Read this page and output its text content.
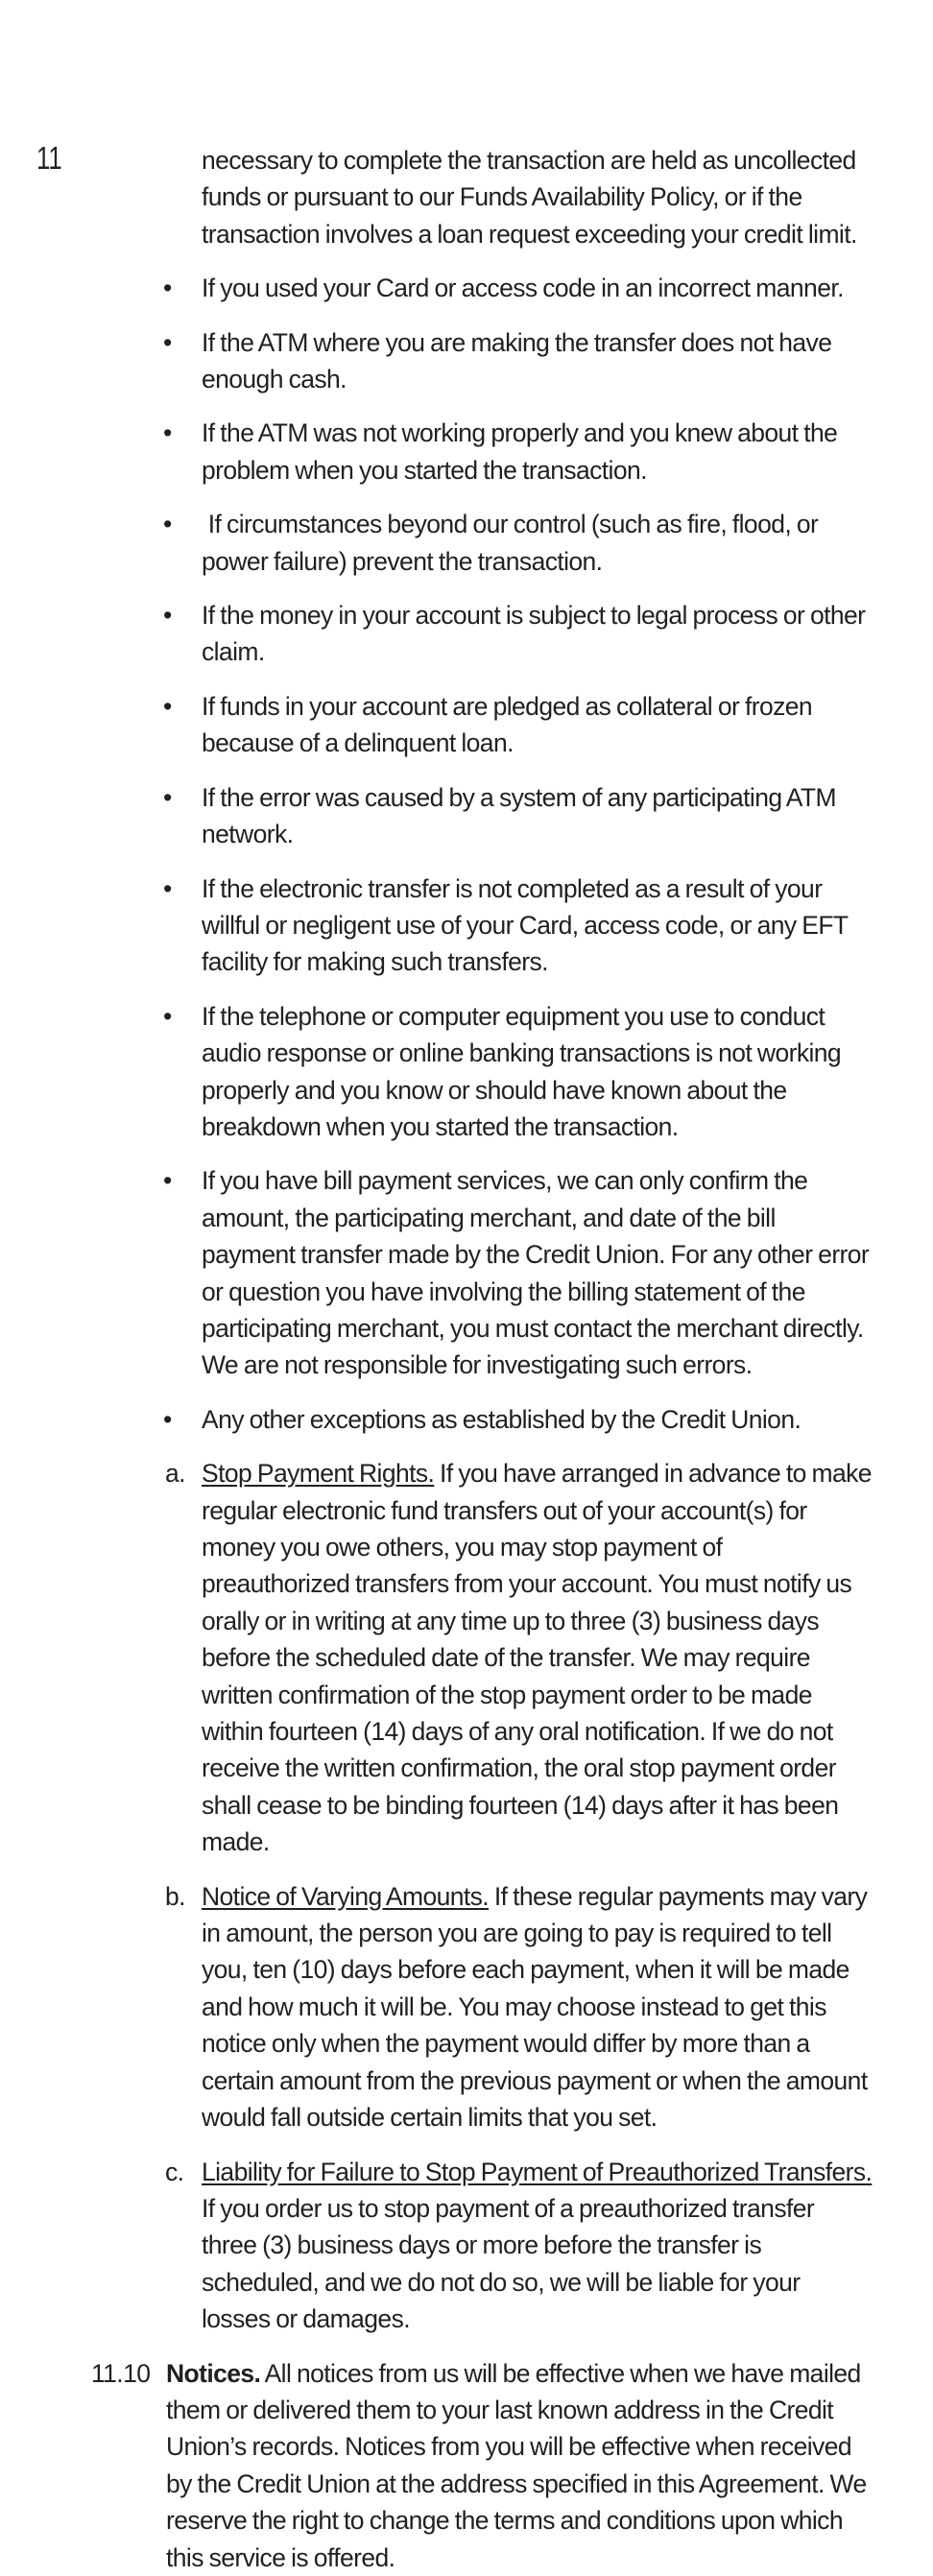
11	necessary to complete the transaction are held as uncollected funds or pursuant to our Funds Availability Policy, or if the transaction involves a loan request exceeding your credit limit.

• If you used your Card or access code in an incorrect manner.
• If the ATM where you are making the transfer does not have enough cash.
• If the ATM was not working properly and you knew about the problem when you started the transaction.
• If circumstances beyond our control (such as fire, flood, or power failure) prevent the transaction.
• If the money in your account is subject to legal process or other claim.
• If funds in your account are pledged as collateral or frozen because of a delinquent loan.
• If the error was caused by a system of any participating ATM network.
• If the electronic transfer is not completed as a result of your willful or negligent use of your Card, access code, or any EFT facility for making such transfers.
• If the telephone or computer equipment you use to conduct audio response or online banking transactions is not working properly and you know or should have known about the breakdown when you started the transaction.
• If you have bill payment services, we can only confirm the amount, the participating merchant, and date of the bill payment transfer made by the Credit Union. For any other error or question you have involving the billing statement of the participating merchant, you must contact the merchant directly. We are not responsible for investigating such errors.
• Any other exceptions as established by the Credit Union.
a. Stop Payment Rights. If you have arranged in advance to make regular electronic fund transfers out of your account(s) for money you owe others, you may stop payment of preauthorized transfers from your account. You must notify us orally or in writing at any time up to three (3) business days before the scheduled date of the transfer. We may require written confirmation of the stop payment order to be made within fourteen (14) days of any oral notification. If we do not receive the written confirmation, the oral stop payment order shall cease to be binding fourteen (14) days after it has been made.
b. Notice of Varying Amounts. If these regular payments may vary in amount, the person you are going to pay is required to tell you, ten (10) days before each payment, when it will be made and how much it will be. You may choose instead to get this notice only when the payment would differ by more than a certain amount from the previous payment or when the amount would fall outside certain limits that you set.
c. Liability for Failure to Stop Payment of Preauthorized Transfers. If you order us to stop payment of a preauthorized transfer three (3) business days or more before the transfer is scheduled, and we do not do so, we will be liable for your losses or damages.
11.10 Notices. All notices from us will be effective when we have mailed them or delivered them to your last known address in the Credit Union’s records. Notices from you will be effective when received by the Credit Union at the address specified in this Agreement. We reserve the right to change the terms and conditions upon which this service is offered.
